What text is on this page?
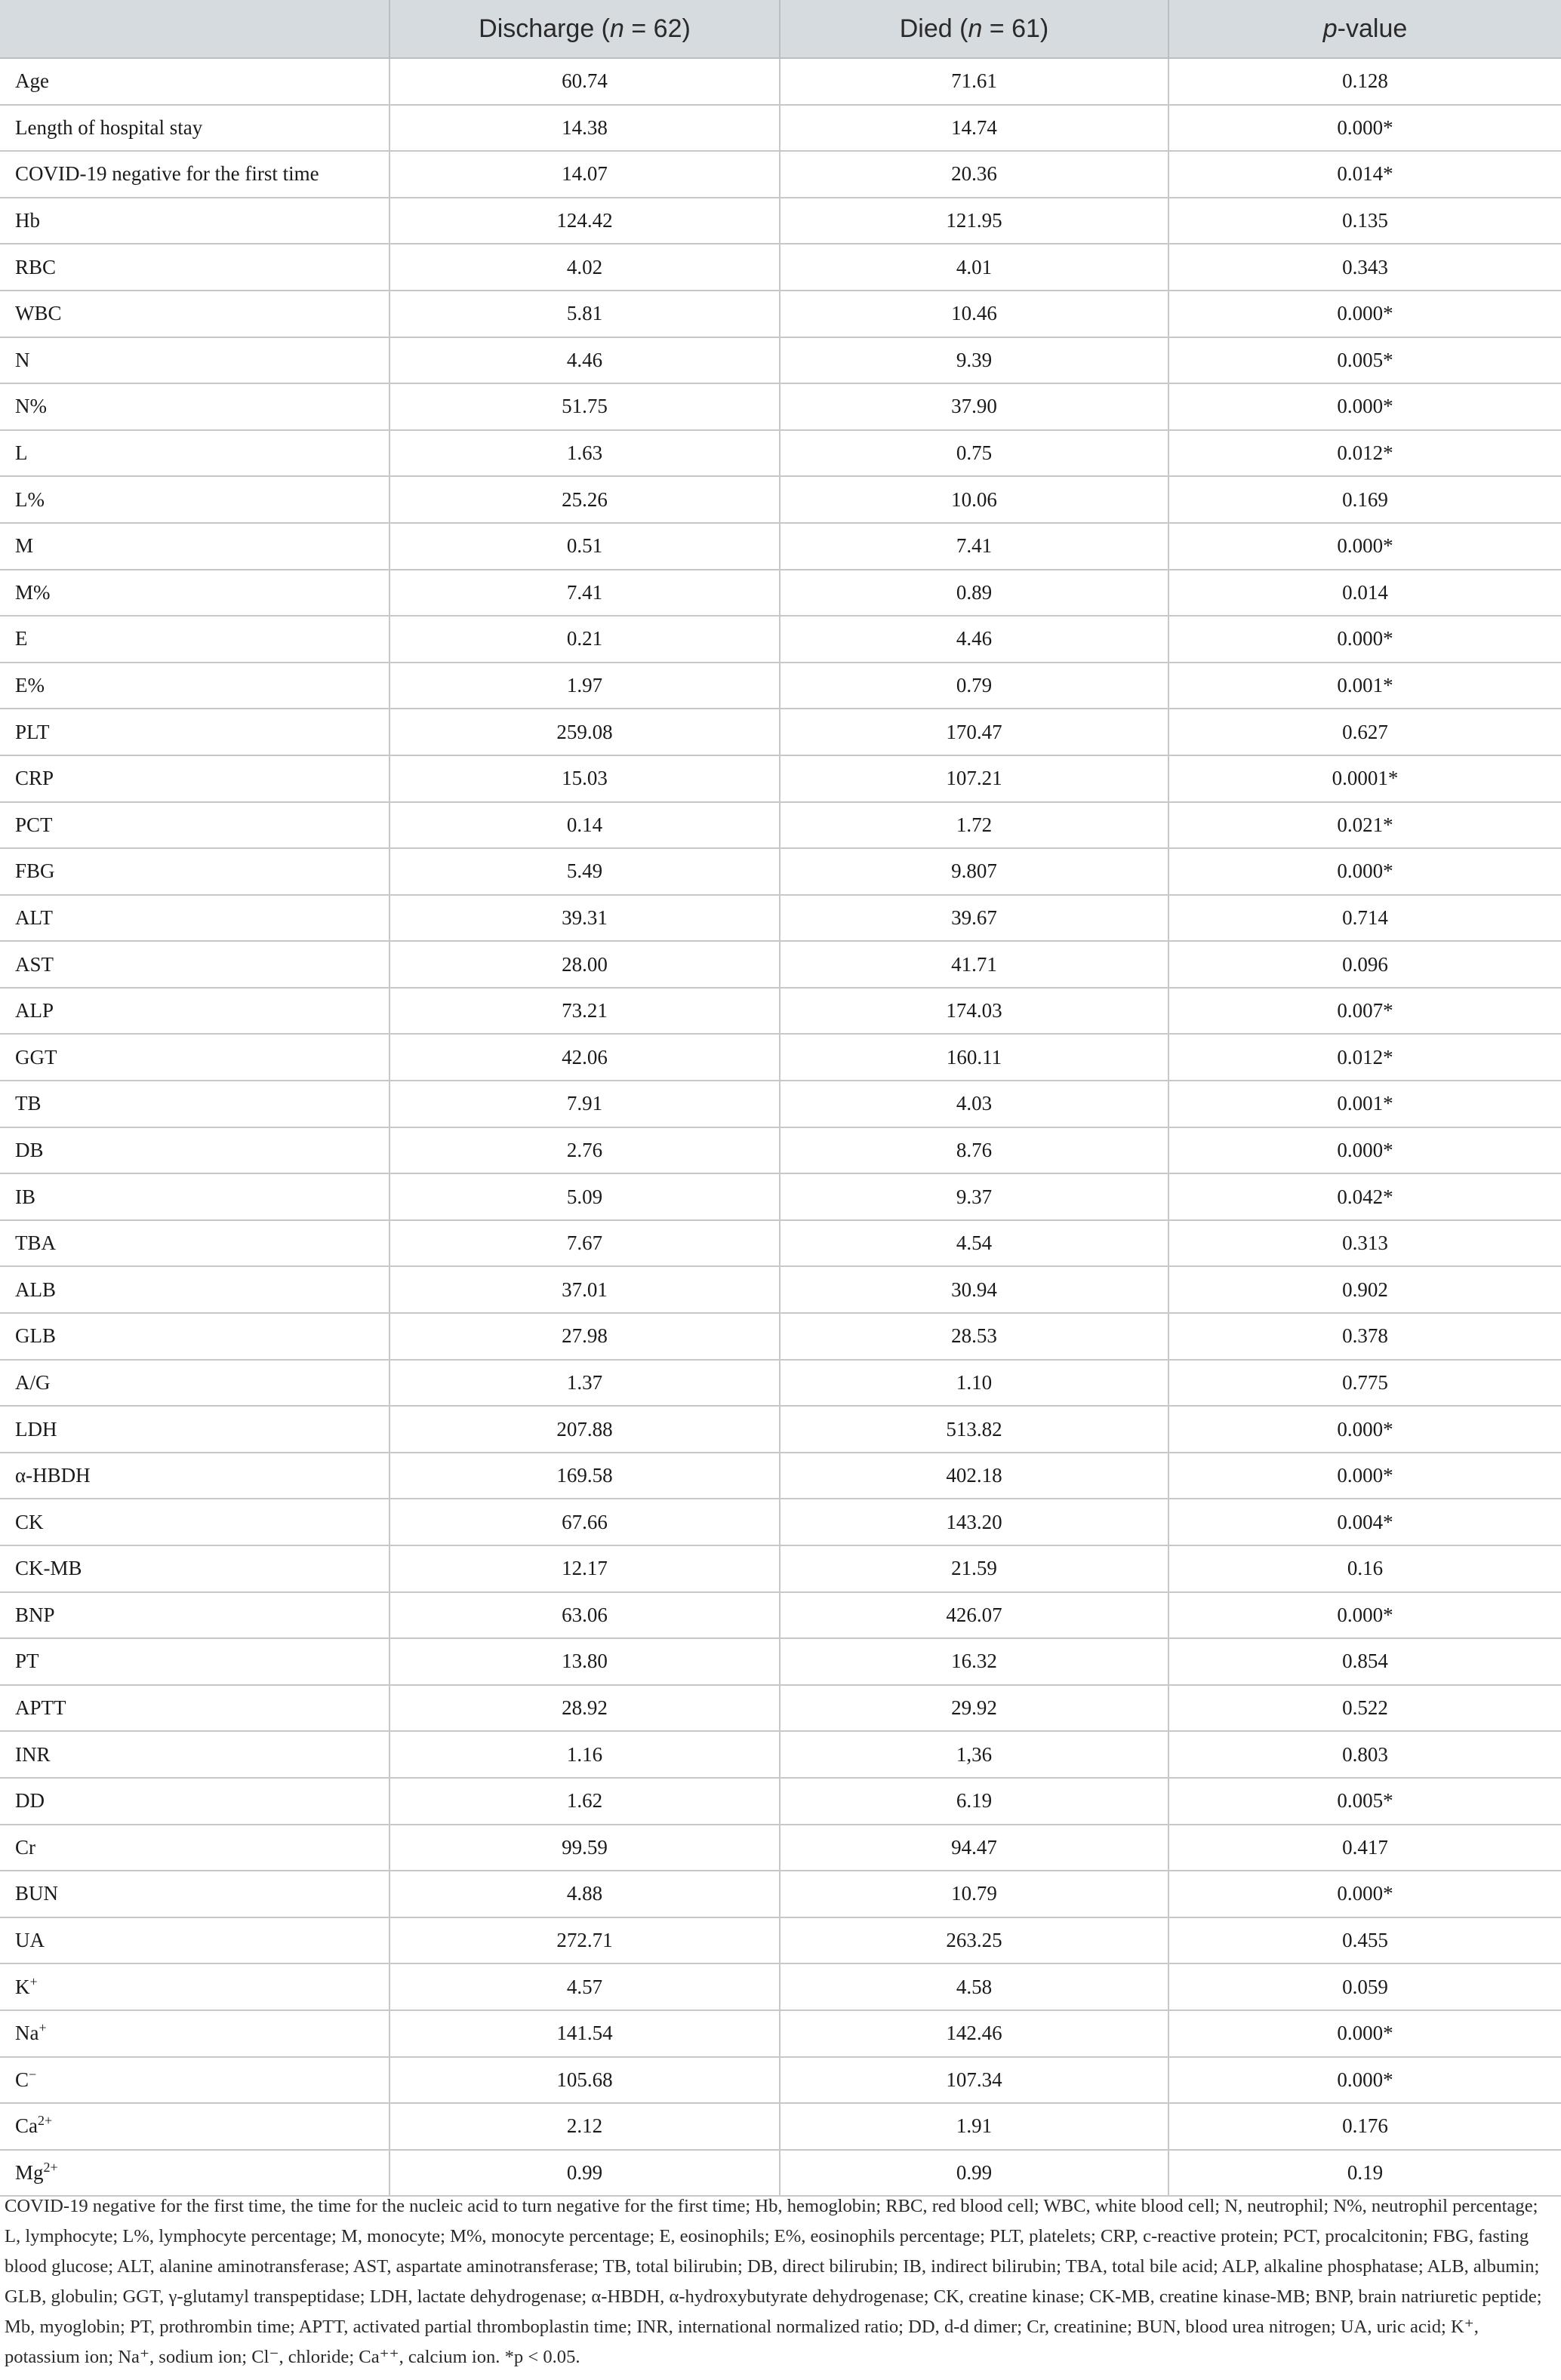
	Discharge (n = 62)	Died (n = 61)	p-value
Age	60.74	71.61	0.128
Length of hospital stay	14.38	14.74	0.000*
COVID-19 negative for the first time	14.07	20.36	0.014*
Hb	124.42	121.95	0.135
RBC	4.02	4.01	0.343
WBC	5.81	10.46	0.000*
N	4.46	9.39	0.005*
N%	51.75	37.90	0.000*
L	1.63	0.75	0.012*
L%	25.26	10.06	0.169
M	0.51	7.41	0.000*
M%	7.41	0.89	0.014
E	0.21	4.46	0.000*
E%	1.97	0.79	0.001*
PLT	259.08	170.47	0.627
CRP	15.03	107.21	0.0001*
PCT	0.14	1.72	0.021*
FBG	5.49	9.807	0.000*
ALT	39.31	39.67	0.714
AST	28.00	41.71	0.096
ALP	73.21	174.03	0.007*
GGT	42.06	160.11	0.012*
TB	7.91	4.03	0.001*
DB	2.76	8.76	0.000*
IB	5.09	9.37	0.042*
TBA	7.67	4.54	0.313
ALB	37.01	30.94	0.902
GLB	27.98	28.53	0.378
A/G	1.37	1.10	0.775
LDH	207.88	513.82	0.000*
α-HBDH	169.58	402.18	0.000*
CK	67.66	143.20	0.004*
CK-MB	12.17	21.59	0.16
BNP	63.06	426.07	0.000*
PT	13.80	16.32	0.854
APTT	28.92	29.92	0.522
INR	1.16	1,36	0.803
DD	1.62	6.19	0.005*
Cr	99.59	94.47	0.417
BUN	4.88	10.79	0.000*
UA	272.71	263.25	0.455
K+	4.57	4.58	0.059
Na+	141.54	142.46	0.000*
C−	105.68	107.34	0.000*
$Ca^{2+}$	2.12	1.91	0.176
$Mg^{2+}$	0.99	0.99	0.19
COVID-19 negative for the first time, the time for the nucleic acid to turn negative for the first time; Hb, hemoglobin; RBC, red blood cell; WBC, white blood cell; N, neutrophil; N%, neutrophil percentage; L, lymphocyte; L%, lymphocyte percentage; M, monocyte; M%, monocyte percentage; E, eosinophils; E%, eosinophils percentage; PLT, platelets; CRP, c-reactive protein; PCT, procalcitonin; FBG, fasting blood glucose; ALT, alanine aminotransferase; AST, aspartate aminotransferase; TB, total bilirubin; DB, direct bilirubin; IB, indirect bilirubin; TBA, total bile acid; ALP, alkaline phosphatase; ALB, albumin; GLB, globulin; GGT, γ-glutamyl transpeptidase; LDH, lactate dehydrogenase; α-HBDH, α-hydroxybutyrate dehydrogenase; CK, creatine kinase; CK-MB, creatine kinase-MB; BNP, brain natriuretic peptide; Mb, myoglobin; PT, prothrombin time; APTT, activated partial thromboplastin time; INR, international normalized ratio; DD, d-d dimer; Cr, creatinine; BUN, blood urea nitrogen; UA, uric acid; K⁺, potassium ion; Na⁺, sodium ion; Cl⁻, chloride; Ca⁺⁺, calcium ion. *p < 0.05.
